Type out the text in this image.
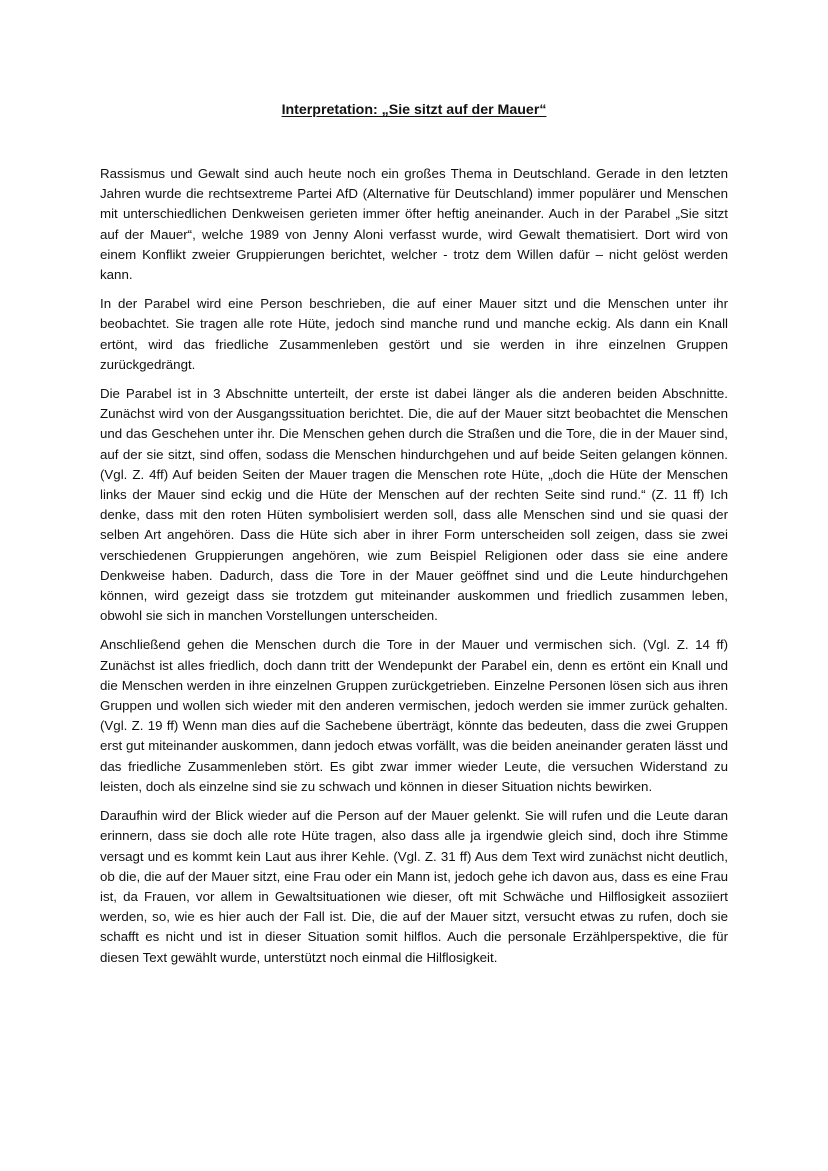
Interpretation: „Sie sitzt auf der Mauer“

Rassismus und Gewalt sind auch heute noch ein großes Thema in Deutschland. Gerade in den letzten Jahren wurde die rechtsextreme Partei AfD (Alternative für Deutschland) immer populärer und Menschen mit unterschiedlichen Denkweisen gerieten immer öfter heftig aneinander. Auch in der Parabel „Sie sitzt auf der Mauer“, welche 1989 von Jenny Aloni verfasst wurde, wird Gewalt thematisiert. Dort wird von einem Konflikt zweier Gruppierungen berichtet, welcher - trotz dem Willen dafür – nicht gelöst werden kann.

In der Parabel wird eine Person beschrieben, die auf einer Mauer sitzt und die Menschen unter ihr beobachtet. Sie tragen alle rote Hüte, jedoch sind manche rund und manche eckig. Als dann ein Knall ertönt, wird das friedliche Zusammenleben gestört und sie werden in ihre einzelnen Gruppen zurückgedrängt.

Die Parabel ist in 3 Abschnitte unterteilt, der erste ist dabei länger als die anderen beiden Abschnitte. Zunächst wird von der Ausgangssituation berichtet. Die, die auf der Mauer sitzt beobachtet die Menschen und das Geschehen unter ihr. Die Menschen gehen durch die Straßen und die Tore, die in der Mauer sind, auf der sie sitzt, sind offen, sodass die Menschen hindurchgehen und auf beide Seiten gelangen können. (Vgl. Z. 4ff) Auf beiden Seiten der Mauer tragen die Menschen rote Hüte, „doch die Hüte der Menschen links der Mauer sind eckig und die Hüte der Menschen auf der rechten Seite sind rund.“ (Z. 11 ff) Ich denke, dass mit den roten Hüten symbolisiert werden soll, dass alle Menschen sind und sie quasi der selben Art angehören. Dass die Hüte sich aber in ihrer Form unterscheiden soll zeigen, dass sie zwei verschiedenen Gruppierungen angehören, wie zum Beispiel Religionen oder dass sie eine andere Denkweise haben. Dadurch, dass die Tore in der Mauer geöffnet sind und die Leute hindurchgehen können, wird gezeigt dass sie trotzdem gut miteinander auskommen und friedlich zusammen leben, obwohl sie sich in manchen Vorstellungen unterscheiden.

Anschließend gehen die Menschen durch die Tore in der Mauer und vermischen sich. (Vgl. Z. 14 ff) Zunächst ist alles friedlich, doch dann tritt der Wendepunkt der Parabel ein, denn es ertönt ein Knall und die Menschen werden in ihre einzelnen Gruppen zurückgetrieben. Einzelne Personen lösen sich aus ihren Gruppen und wollen sich wieder mit den anderen vermischen, jedoch werden sie immer zurück gehalten. (Vgl. Z. 19 ff) Wenn man dies auf die Sachebene überträgt, könnte das bedeuten, dass die zwei Gruppen erst gut miteinander auskommen, dann jedoch etwas vorfällt, was die beiden aneinander geraten lässt und das friedliche Zusammenleben stört. Es gibt zwar immer wieder Leute, die versuchen Widerstand zu leisten, doch als einzelne sind sie zu schwach und können in dieser Situation nichts bewirken.

Daraufhin wird der Blick wieder auf die Person auf der Mauer gelenkt. Sie will rufen und die Leute daran erinnern, dass sie doch alle rote Hüte tragen, also dass alle ja irgendwie gleich sind, doch ihre Stimme versagt und es kommt kein Laut aus ihrer Kehle. (Vgl. Z. 31 ff) Aus dem Text wird zunächst nicht deutlich, ob die, die auf der Mauer sitzt, eine Frau oder ein Mann ist, jedoch gehe ich davon aus, dass es eine Frau ist, da Frauen, vor allem in Gewaltsituationen wie dieser, oft mit Schwäche und Hilflosigkeit assoziiert werden, so, wie es hier auch der Fall ist. Die, die auf der Mauer sitzt, versucht etwas zu rufen, doch sie schafft es nicht und ist in dieser Situation somit hilflos. Auch die personale Erzählperspektive, die für diesen Text gewählt wurde, unterstützt noch einmal die Hilflosigkeit.
